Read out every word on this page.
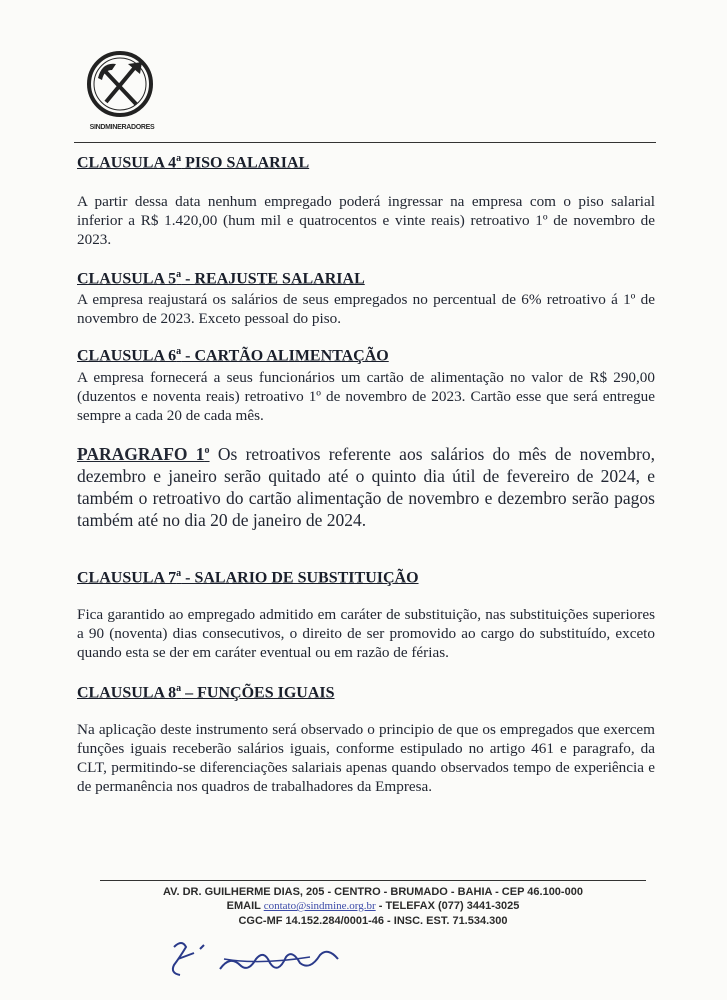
SINDMINERADORES
CLAUSULA 4$^a$ PISO SALARIAL

A partir dessa data nenhum empregado poderá ingressar na empresa com o piso salarial inferior a R$ 1.420,00 (hum mil e quatrocentos e vinte reais) retroativo 1º de novembro de 2023.

CLAUSULA 5$^a$ - REAJUSTE SALARIAL

A empresa reajustará os salários de seus empregados no percentual de 6% retroativo á 1º de novembro de 2023. Exceto pessoal do piso.

CLAUSULA 6$^a$ - CARTÃO ALIMENTAÇÃO

A empresa fornecerá a seus funcionários um cartão de alimentação no valor de R$ 290,00 (duzentos e noventa reais) retroativo 1º de novembro de 2023. Cartão esse que será entregue sempre a cada 20 de cada mês.

PARAGRAFO 1$^o$ Os retroativos referente aos salários do mês de novembro, dezembro e janeiro serão quitado até o quinto dia útil de fevereiro de 2024, e também o retroativo do cartão alimentação de novembro e dezembro serão pagos também até no dia 20 de janeiro de 2024.

CLAUSULA 7$^a$ - SALARIO DE SUBSTITUIÇÃO

Fica garantido ao empregado admitido em caráter de substituição, nas substituições superiores a 90 (noventa) dias consecutivos, o direito de ser promovido ao cargo do substituído, exceto quando esta se der em caráter eventual ou em razão de férias.

CLAUSULA 8$^a$ – FUNÇÕES IGUAIS

Na aplicação deste instrumento será observado o principio de que os empregados que exercem funções iguais receberão salários iguais, conforme estipulado no artigo 461 e paragrafo, da CLT, permitindo-se diferenciações salariais apenas quando observados tempo de experiência e de permanência nos quadros de trabalhadores da Empresa.

AV. DR. GUILHERME DIAS, 205 - CENTRO - BRUMADO - BAHIA - CEP 46.100-000
EMAIL contato@sindmine.org.br - TELEFAX (077) 3441-3025
CGC-MF 14.152.284/0001-46 - INSC. EST. 71.534.300
